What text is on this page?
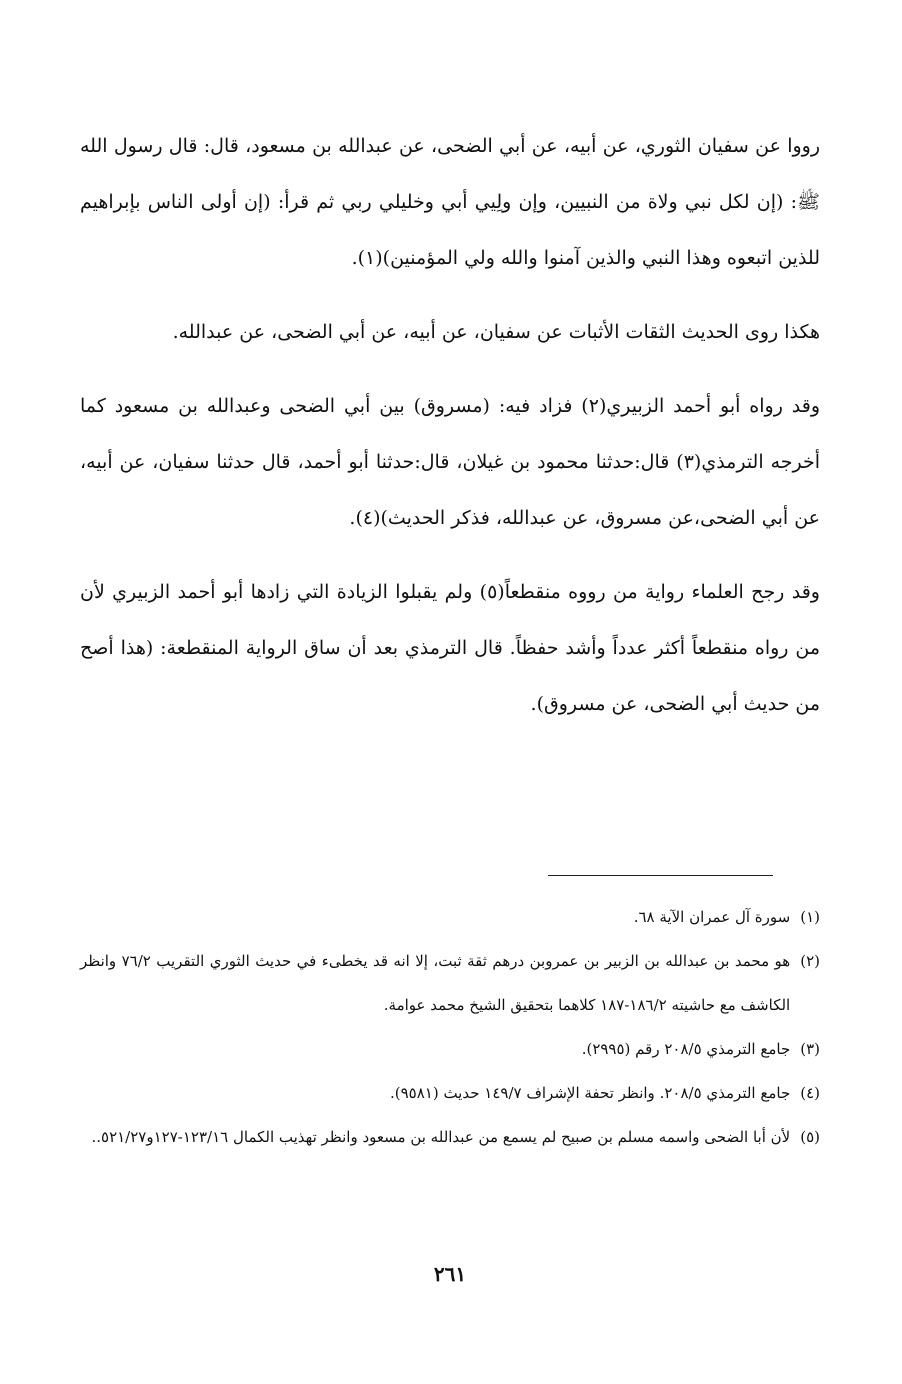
رووا عن سفيان الثوري، عن أبيه، عن أبي الضحى، عن عبدالله بن مسعود، قال: قال رسول الله ﷺ: (إن لكل نبي ولاة من النبيين، وإن ولِيي أبي وخليلي ربي ثم قرأ: (إن أولى الناس بإبراهيم للذين اتبعوه وهذا النبي والذين آمنوا والله ولي المؤمنين)(١).

هكذا روى الحديث الثقات الأثبات عن سفيان، عن أبيه، عن أبي الضحى، عن عبدالله.

وقد رواه أبو أحمد الزبيري(٢) فزاد فيه: (مسروق) بين أبي الضحى وعبدالله بن مسعود كما أخرجه الترمذي(٣) قال:حدثنا محمود بن غيلان، قال:حدثنا أبو أحمد، قال حدثنا سفيان، عن أبيه، عن أبي الضحى،عن مسروق، عن عبدالله، فذكر الحديث)(٤).

وقد رجح العلماء رواية من رووه منقطعاً(٥) ولم يقبلوا الزيادة التي زادها أبو أحمد الزبيري لأن من رواه منقطعاً أكثر عدداً وأشد حفظاً. قال الترمذي بعد أن ساق الرواية المنقطعة: (هذا أصح من حديث أبي الضحى، عن مسروق).

(١)
سورة آل عمران الآية ٦٨.
(٢)
هو محمد بن عبدالله بن الزبير بن عمروبن درهم ثقة ثبت، إلا انه قد يخطىء في حديث الثوري التقريب ٧٦/٢ وانظر الكاشف مع حاشيته ١٨٦/٢-١٨٧ كلاهما بتحقيق الشيخ محمد عوامة.
(٣)
جامع الترمذي ٢٠٨/٥ رقم (٢٩٩٥).
(٤)
جامع الترمذي ٢٠٨/٥. وانظر تحفة الإشراف ١٤٩/٧ حديث (٩٥٨١).
(٥)
لأن أبا الضحى واسمه مسلم بن صبيح لم يسمع من عبدالله بن مسعود وانظر تهذيب الكمال ١٢٣/١٦-١٢٧و٥٢١/٢٧..
٢٦١
